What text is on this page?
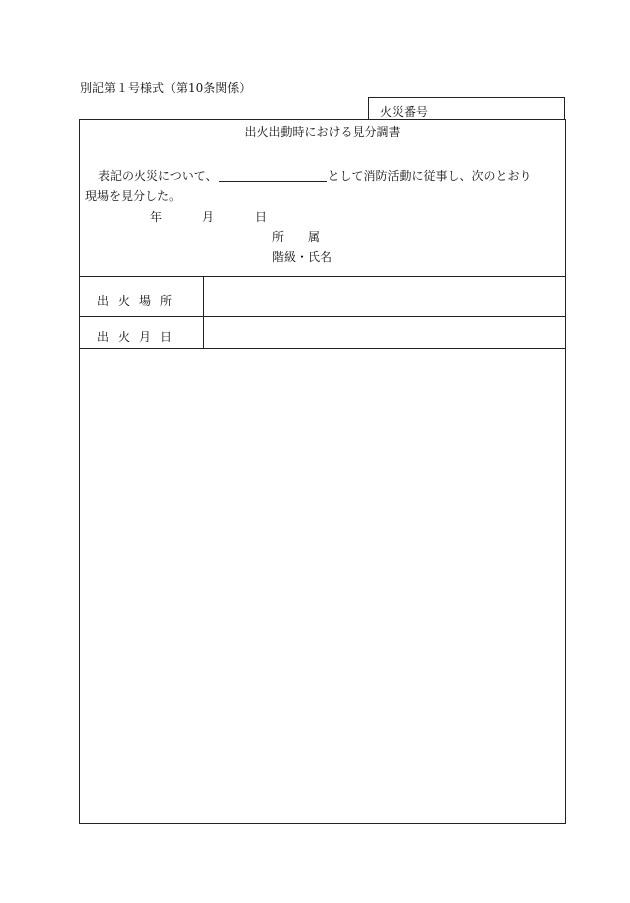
別記第１号様式（第10条関係）
火災番号
出火出動時における見分調書
表記の火災について、	として消防活動に従事し、次のとおり
現場を見分した。
年	月	日
所　　属
階級・氏名
出火場所
出火月日
